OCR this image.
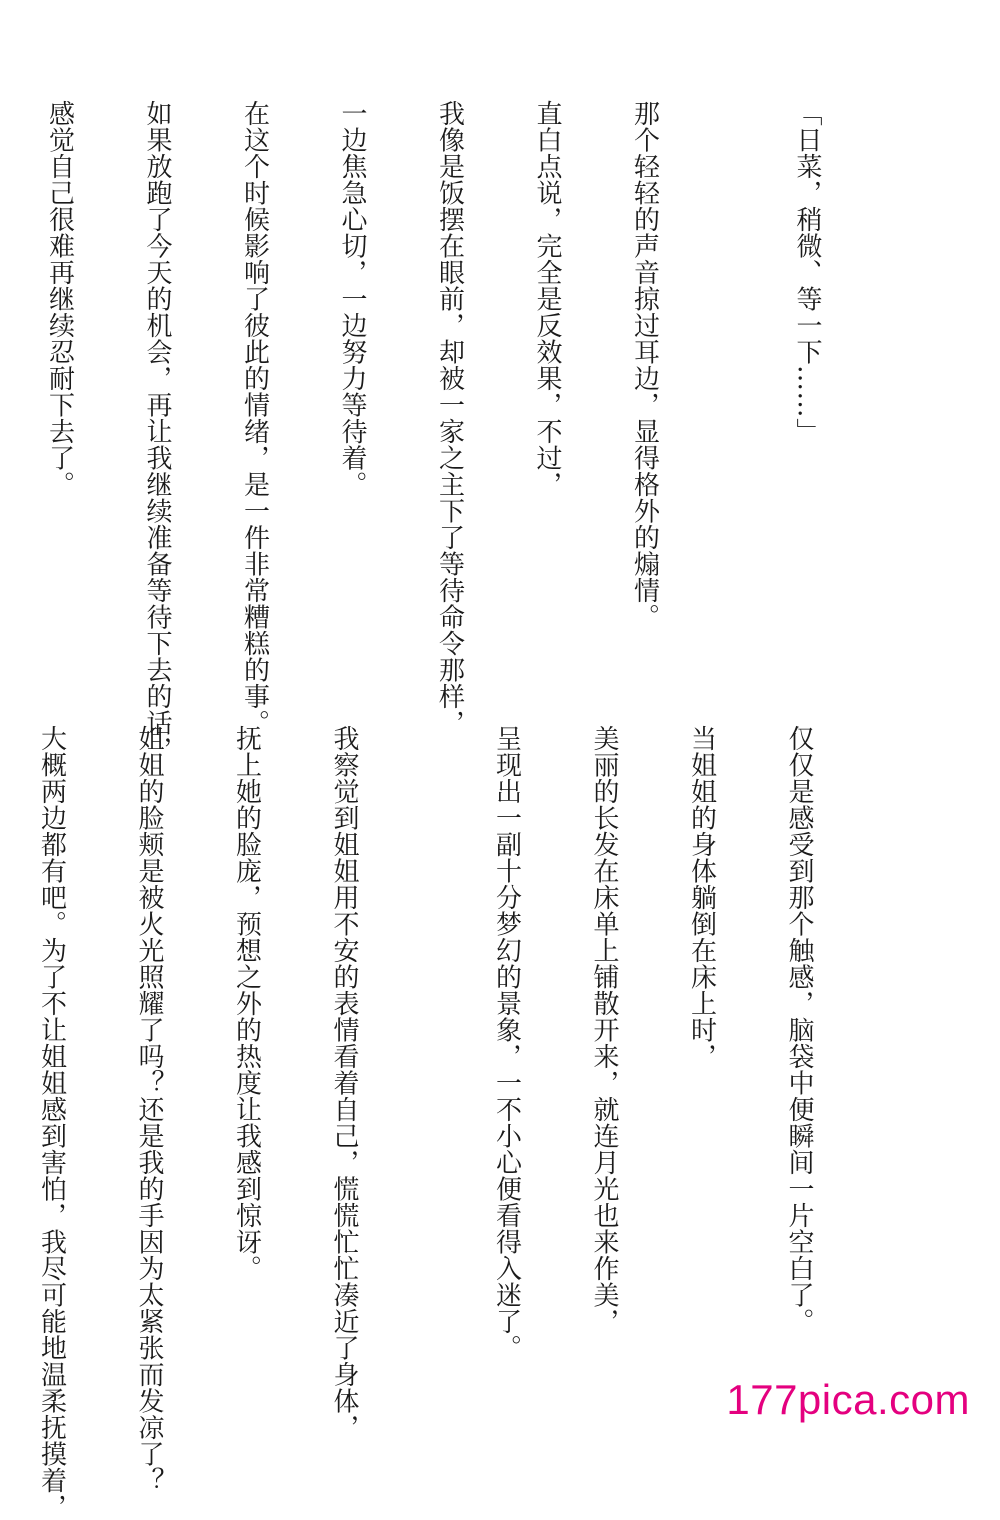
「日菜，稍微、等一下……」

那个轻轻的声音掠过耳边，显得格外的煽情。

直白点说，完全是反效果，不过，

我像是饭摆在眼前，却被一家之主下了等待命令那样，

一边焦急心切，一边努力等待着。

在这个时候影响了彼此的情绪，是一件非常糟糕的事。

如果放跑了今天的机会，再让我继续准备等待下去的话，

感觉自己很难再继续忍耐下去了。

仅仅是感受到那个触感，脑袋中便瞬间一片空白了。

当姐姐的身体躺倒在床上时，

美丽的长发在床单上铺散开来，就连月光也来作美，

呈现出一副十分梦幻的景象，一不小心便看得入迷了。

我察觉到姐姐用不安的表情看着自己，慌慌忙忙凑近了身体，

抚上她的脸庞，预想之外的热度让我感到惊讶。

姐姐的脸颊是被火光照耀了吗？还是我的手因为太紧张而发凉了？

大概两边都有吧。为了不让姐姐感到害怕，我尽可能地温柔抚摸着，

	177pica.com
